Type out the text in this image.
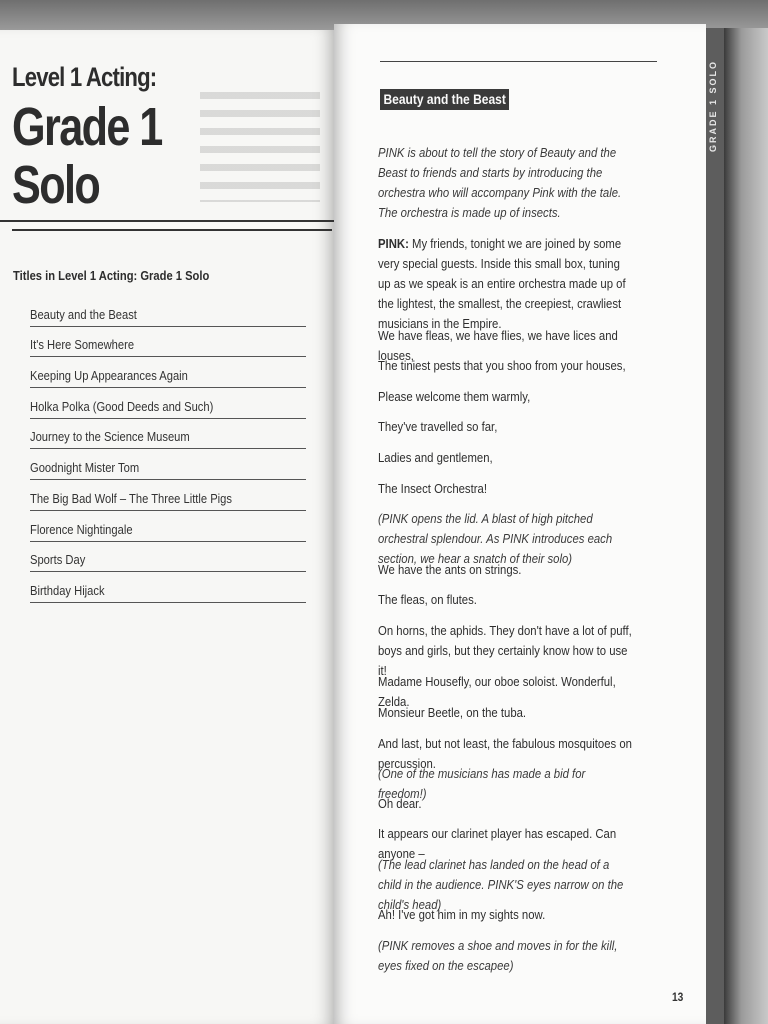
GRADE 1 SOLO
Level 1 Acting:
Grade 1
Solo
Titles in Level 1 Acting: Grade 1 Solo
Beauty and the Beast
It's Here Somewhere
Keeping Up Appearances Again
Holka Polka (Good Deeds and Such)
Journey to the Science Museum
Goodnight Mister Tom
The Big Bad Wolf – The Three Little Pigs
Florence Nightingale
Sports Day
Birthday Hijack
Beauty and the Beast

PINK is about to tell the story of Beauty and the Beast to friends and starts by introducing the orchestra who will accompany Pink with the tale. The orchestra is made up of insects.

PINK: My friends, tonight we are joined by some very special guests. Inside this small box, tuning up as we speak is an entire orchestra made up of the lightest, the smallest, the creepiest, crawliest musicians in the Empire.

We have fleas, we have flies, we have lices and louses,

The tiniest pests that you shoo from your houses,

Please welcome them warmly,

They've travelled so far,

Ladies and gentlemen,

The Insect Orchestra!

(PINK opens the lid. A blast of high pitched orchestral splendour. As PINK introduces each section, we hear a snatch of their solo)

We have the ants on strings.

The fleas, on flutes.

On horns, the aphids. They don't have a lot of puff, boys and girls, but they certainly know how to use it!

Madame Housefly, our oboe soloist. Wonderful, Zelda.

Monsieur Beetle, on the tuba.

And last, but not least, the fabulous mosquitoes on percussion.

(One of the musicians has made a bid for freedom!)

Oh dear.

It appears our clarinet player has escaped. Can anyone –

(The lead clarinet has landed on the head of a child in the audience. PINK'S eyes narrow on the child's head)

Ah! I've got him in my sights now.

(PINK removes a shoe and moves in for the kill, eyes fixed on the escapee)

13
